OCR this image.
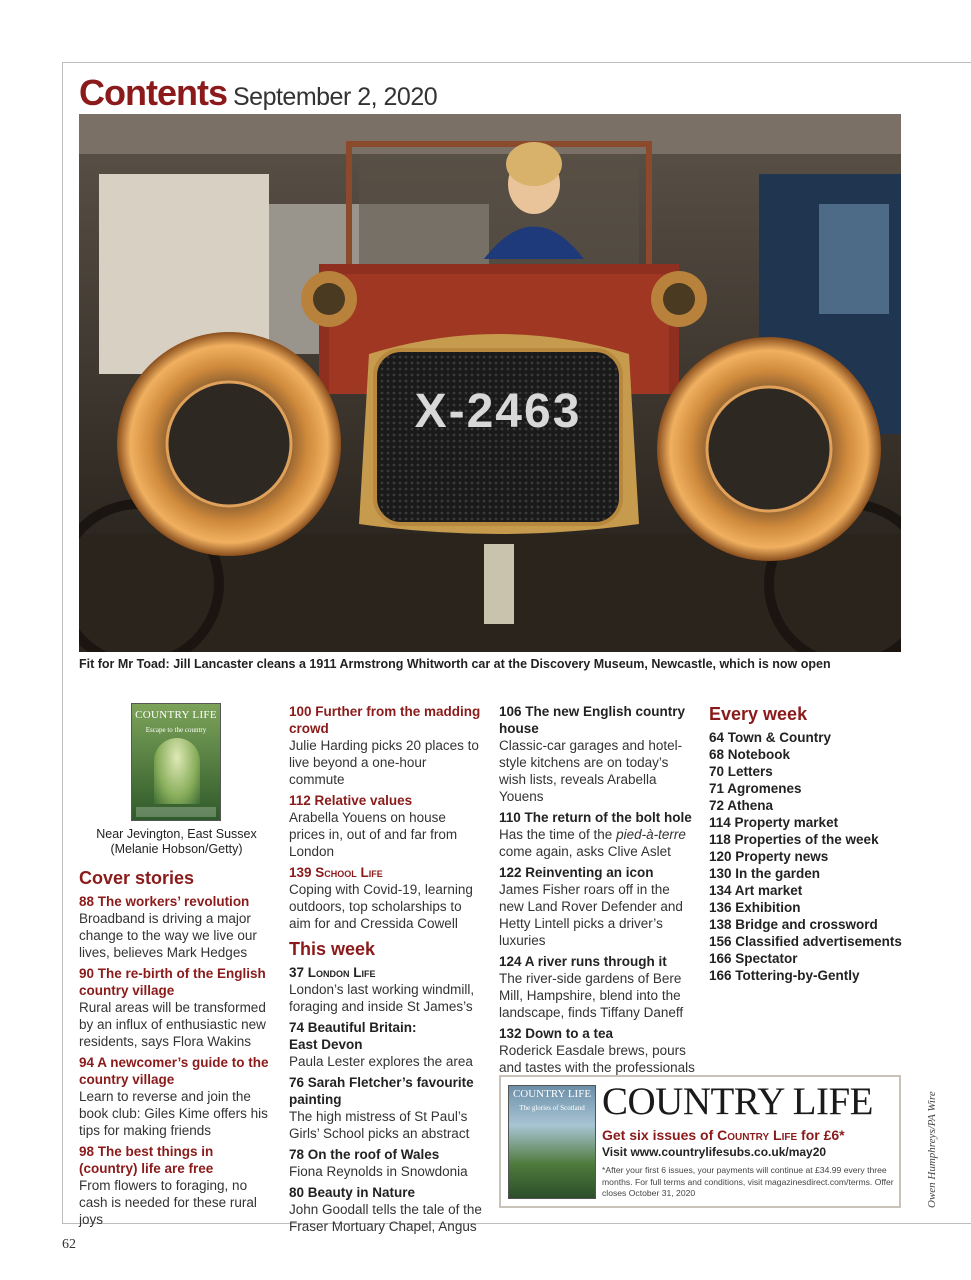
Contents September 2, 2020
X-2463
Fit for Mr Toad: Jill Lancaster cleans a 1911 Armstrong Whitworth car at the Discovery Museum, Newcastle, which is now open
COUNTRY LIFE
Escape to the country
Near Jevington, East Sussex
(Melanie Hobson/Getty)
Cover stories
88 The workers’ revolution
Broadband is driving a major change to the way we live our lives, believes Mark Hedges
90 The re-birth of the English country village
Rural areas will be transformed by an influx of enthusiastic new residents, says Flora Wakins
94 A newcomer’s guide to the country village
Learn to reverse and join the book club: Giles Kime offers his tips for making friends
98 The best things in (country) life are free
From flowers to foraging, no cash is needed for these rural joys
100 Further from the madding crowd
Julie Harding picks 20 places to live beyond a one-hour commute
112 Relative values
Arabella Youens on house prices in, out of and far from London
139 School Life
Coping with Covid-19, learning outdoors, top scholarships to aim for and Cressida Cowell
This week
37 London Life
London’s last working windmill, foraging and inside St James’s
74 Beautiful Britain:
East Devon
Paula Lester explores the area
76 Sarah Fletcher’s favourite painting
The high mistress of St Paul’s Girls’ School picks an abstract
78 On the roof of Wales
Fiona Reynolds in Snowdonia
80 Beauty in Nature
John Goodall tells the tale of the Fraser Mortuary Chapel, Angus
106 The new English country house
Classic-car garages and hotel-style kitchens are on today’s wish lists, reveals Arabella Youens
110 The return of the bolt hole
Has the time of the pied-à-terre come again, asks Clive Aslet
122 Reinventing an icon
James Fisher roars off in the new Land Rover Defender and Hetty Lintell picks a driver’s luxuries
124 A river runs through it
The river-side gardens of Bere Mill, Hampshire, blend into the landscape, finds Tiffany Daneff
132 Down to a tea
Roderick Easdale brews, pours and tastes with the professionals
Every week
64 Town & Country
68 Notebook
70 Letters
71 Agromenes
72 Athena
114 Property market
118 Properties of the week
120 Property news
130 In the garden
134 Art market
136 Exhibition
138 Bridge and crossword
156 Classified advertisements
166 Spectator
166 Tottering-by-Gently
COUNTRY LIFE
The glories of Scotland COUNTRY LIFE
Get six issues of Country Life for £6*
Visit www.countrylifesubs.co.uk/may20
*After your first 6 issues, your payments will continue at £34.99 every three months. For full terms and conditions, visit magazinesdirect.com/terms. Offer closes October 31, 2020	Owen Humphreys/PA Wire
62
